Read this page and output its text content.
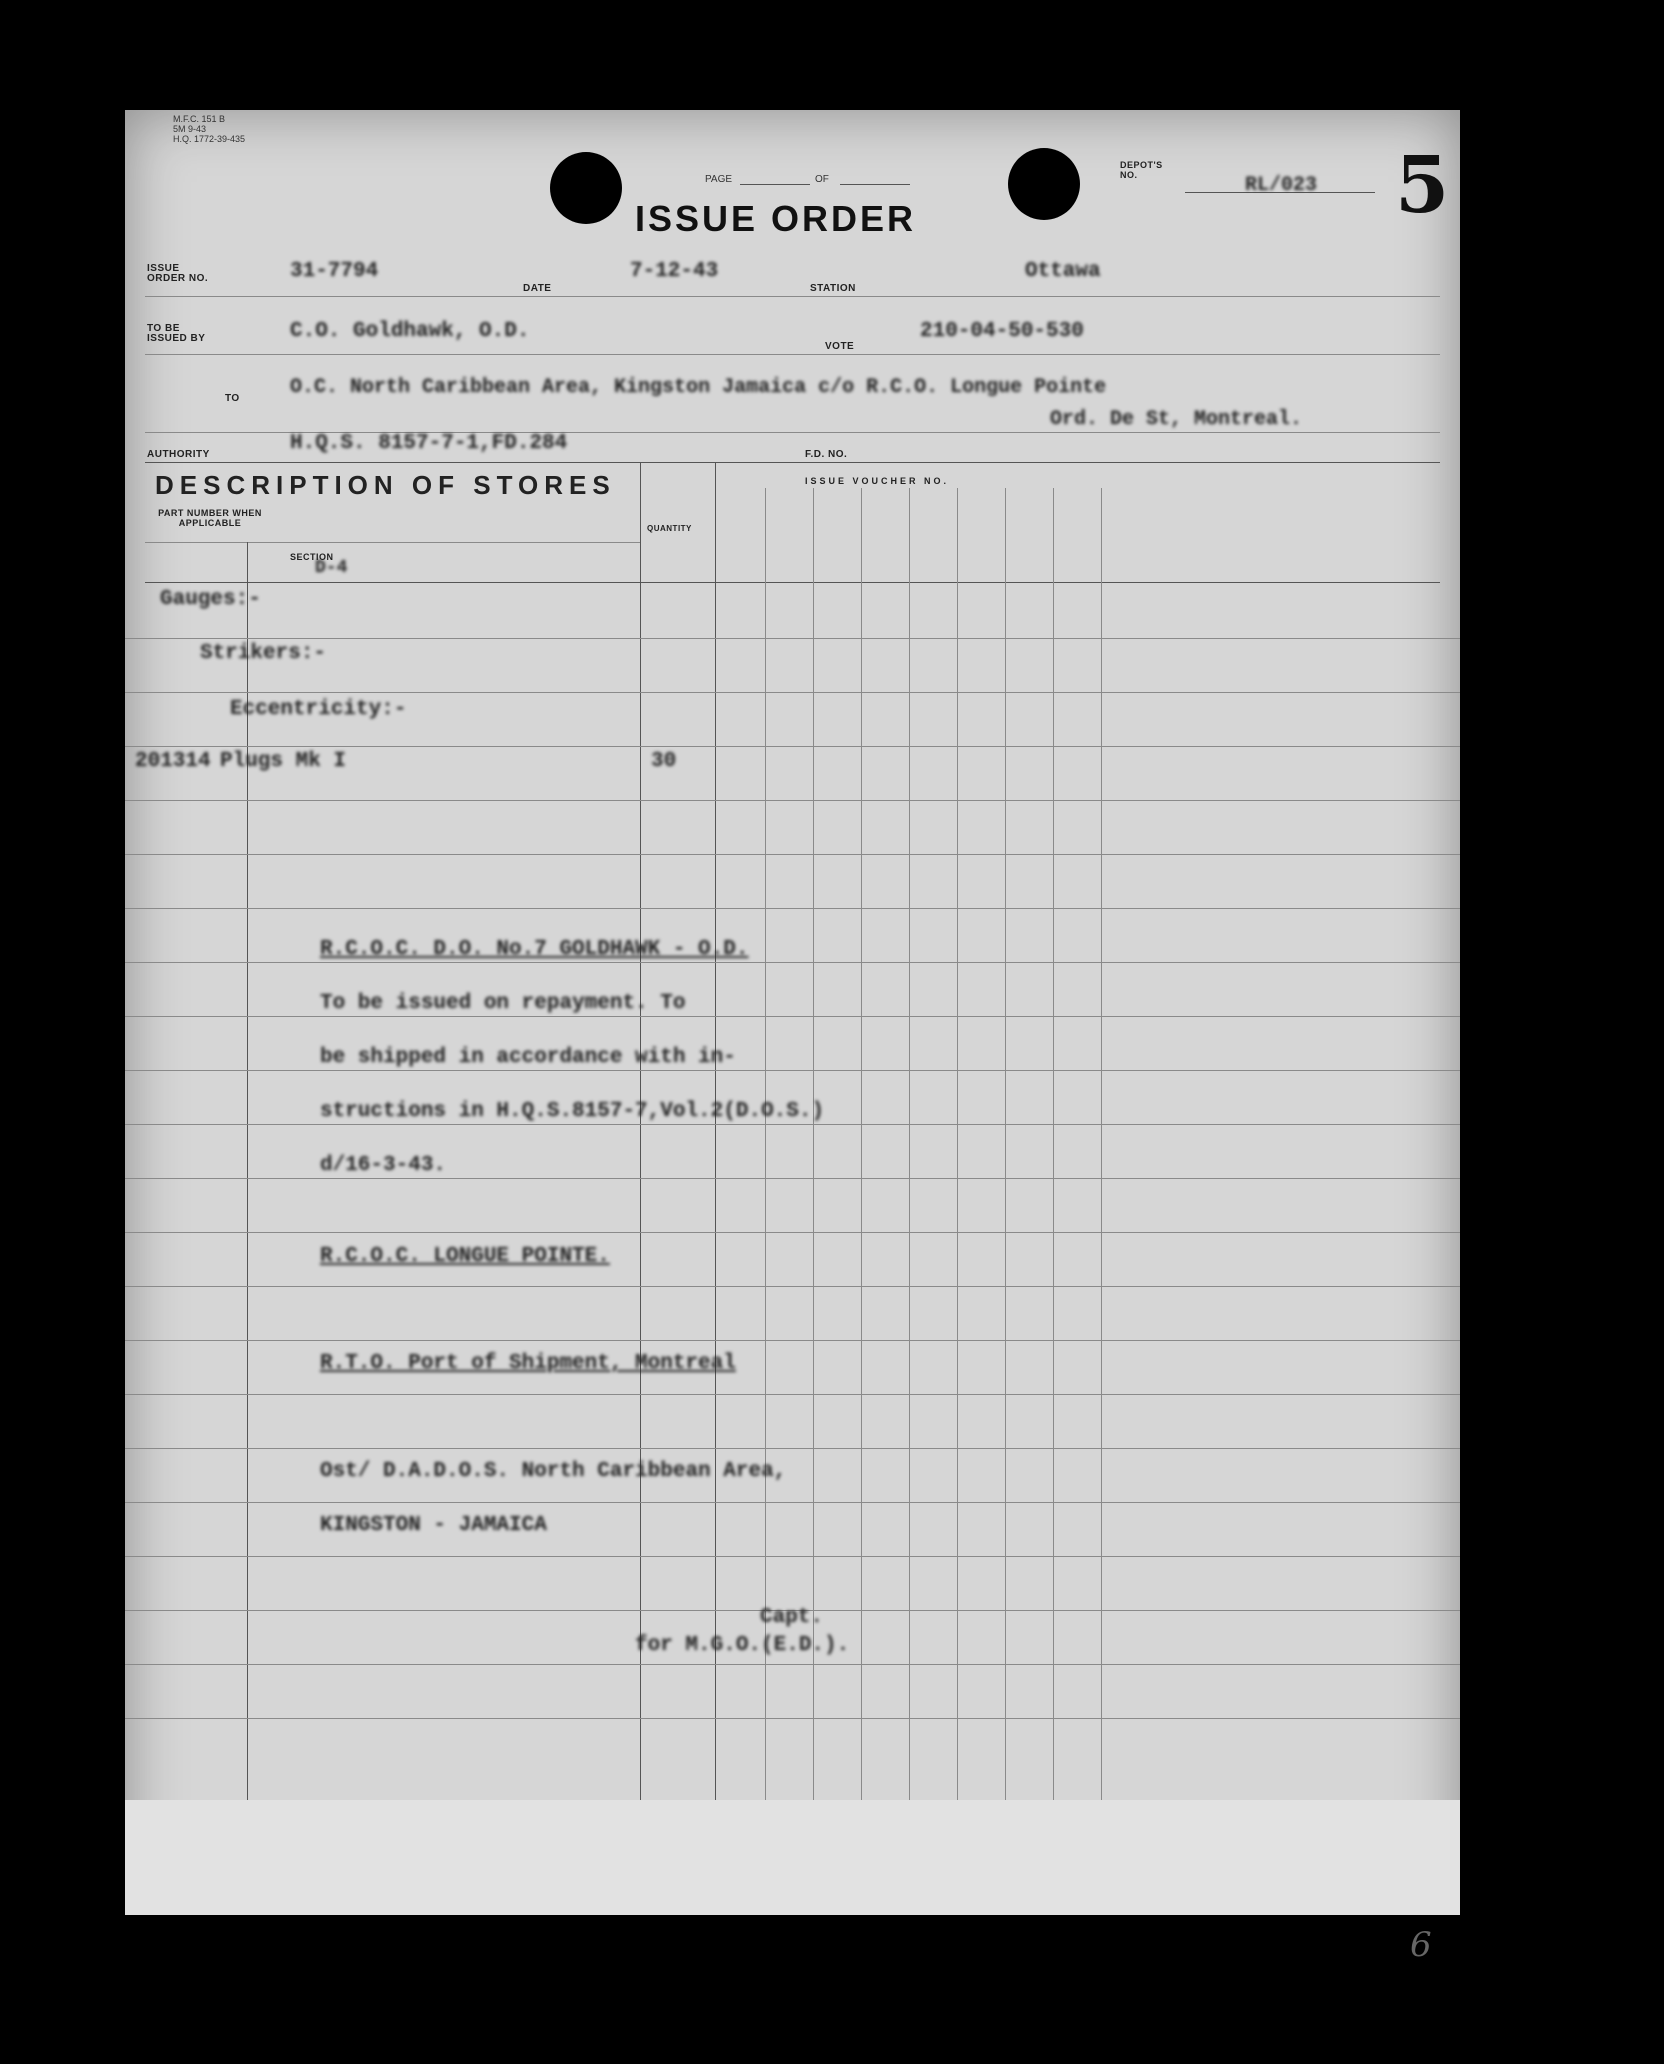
M.F.C. 151 B
5M 9-43
H.Q. 1772-39-435
PAGE	OF
ISSUE ORDER
DEPOT'S NO.	RL/023 5
ISSUE ORDER NO.	31-7794
DATE
7-12-43
STATION
Ottawa
TO BE ISSUED BY	C.O. Goldhawk, O.D.
VOTE
210-04-50-530
TO	O.C. North Caribbean Area, Kingston Jamaica c/o R.C.O. Longue Pointe
Ord. De St, Montreal.
AUTHORITY	H.Q.S. 8157-7-1,FD.284	F.D. NO.
DESCRIPTION OF STORES
PART NUMBER WHEN APPLICABLE
SECTION
D-4
QUANTITY
ISSUE VOUCHER NO.
Gauges:-
Strikers:-
Eccentricity:-
201314 Plugs Mk I	30
R.C.O.C. D.O. No.7 GOLDHAWK - O.D.
To be issued on repayment. To
be shipped in accordance with in-
structions in H.Q.S.8157-7,Vol.2(D.O.S.)
d/16-3-43.
R.C.O.C. LONGUE POINTE.
R.T.O. Port of Shipment, Montreal
Ost/ D.A.D.O.S. North Caribbean Area,
KINGSTON - JAMAICA
Capt.
for M.G.O.(E.D.).
6
